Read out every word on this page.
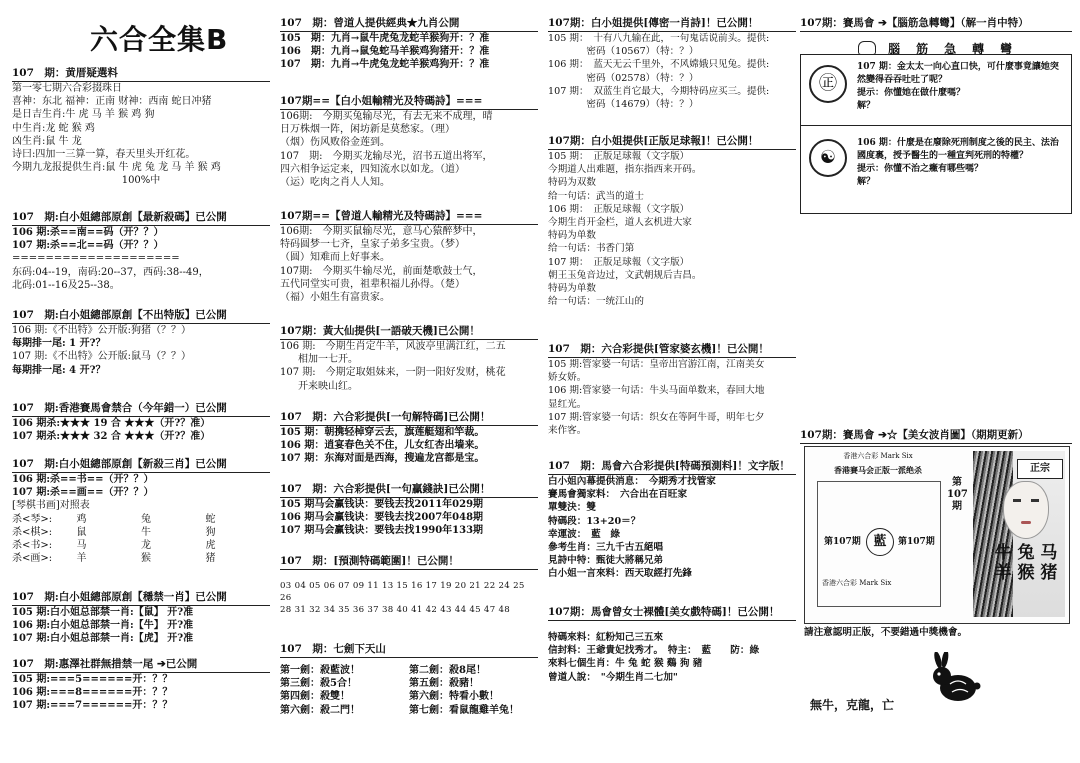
六合全集B
107　期：黄厝疑選料
第一零七期六合彩掇珠日
喜神：东北 福神：正南 财神：西南 蛇日冲猪
是日吉生肖:牛 虎 马 羊 猴 鸡 狗
中生肖:龙 蛇 猴 鸡
凶生肖:鼠 牛 龙
诗曰:四加一三算一算，春天里头开红花。
今期九龙报提供生肖:鼠 牛 虎 兔 龙 马 羊 猴 鸡
100%中
107　期:白小姐總部原創【最新殺碼】已公開
106 期:杀==南==码（开？？）
107 期:杀==北==码（开？？）
====================
东码:04--19，南码:20--37，西码:38--49，
北码:01--16及25--38。
107　期:白小姐總部原創【不出特版】已公開
106 期:《不出特》公开版:狗猪（？？）
每期排一尾: 1 开?？
107 期:《不出特》公开版:鼠马（？？）
每期排一尾: 4 开?？
107　期:香港賽馬會禁合（今年錯一）已公開
106 期杀:★★★ 19 合 ★★★（开?？准）
107 期杀:★★★ 32 合 ★★★（开?？准）
107　期:白小姐總部原創【新殺三肖】已公開
106 期:杀==书==（开？？）
107 期:杀==画==（开？？）
[琴棋书画]对照表
杀<琴>:	鸡	兔	蛇
杀<棋>:	鼠	牛	狗
杀<书>:	马	龙	虎
杀<画>:	羊	猴	猪
107　期:白小姐總部原創【穩禁一肖】已公開
105 期:白小姐总部禁一肖:【鼠】 开?准
106 期:白小姐总部禁一肖:【牛】 开?准
107 期:白小姐总部禁一肖:【虎】 开?准
107　期:惠澤社群無措禁一尾 ➔已公開
105 期:===5======开：？？
106 期:===8======开：？？
107 期:===7======开：？？
107　期：曾道人提供經典★九肖公開
105　期：九肖→鼠牛虎兔龙蛇羊猴狗开：？准
106　期：九肖→鼠兔蛇马羊猴鸡狗猪开：？准
107　期：九肖→牛虎兔龙蛇羊猴鸡狗开：？准
107期==【白小姐輸精光及特碼詩】===
106期:　今期买兔输尽光，有去无来不成理，晴
日万株烟一阵，闲坊新是莫愁家。（理）
（烟）伤风败俗金莲到。
107　期:　今期买龙输尽光，沼书五道出将军，
四六相争运定来，四知流水以如龙。（道）
（运）吃肉之肖人人知。
107期==【曾道人輸精光及特碼詩】===
106期:　今期买鼠输尽光，意马心猿醉梦中，
特码圆梦一七齐，皇家子弟多宝贵。（梦）
（圆）知难而上好事来。
107期:　今期买牛输尽光，前面楚歌鼓士气，
五代同堂实可贵，祖辈积福儿孙得。（楚）
（福）小姐生有富贵家。
107期：黃大仙提供[一語破天機]已公開！
106 期:　今期生肖定牛羊，风波亭里满江红，二五
相加一七开。
107 期:　今期定取姐妹来，一阴一阳好发财，桃花
开来映山红。
107　期：六合彩提供[一句解特碼]已公開！
105 期：朝携轻棹穿云去，旗莲艇翅和竿裁。
106 期：逍宴春色关不住，儿女红杏出墙来。
107 期：东海对面是西海，搜遍龙宫都是宝。
107　期：六合彩提供[一句贏錢訣]已公開！
105 期马会赢钱诀：要钱去找2011年029期
106 期马会赢钱诀：要钱去找2007年048期
107 期马会赢钱诀：要钱去找1990年133期
107　期：[預測特碼範圍]！已公開！
03 04 05 06 07 09 11 13 15 16 17 19 20 21 22 24 25 26
28 31 32 34 35 36 37 38 40 41 42 43 44 45 47 48
107　期：七劍下天山
第一劍：殺藍波！	第二劍：殺8尾！
第三劍：殺5合！	第五劍：殺豬！
第四劍：殺雙！	第六劍：特看小數！
第六劍：殺二門！	第七劍：看鼠龍雞羊兔！
107期：白小姐提供[傳密一肖詩]！已公開！
105 期：　十有八九输在此，一句鬼话说前头。提供:
　　　　密码（10567）（特：？）
106 期：　蓝天无云千里外，不风嫦娥只见兔。提供:
　　　　密码（02578）（特：？）
107 期：　双蓝生肖它最大，今期特码应买三。提供:
　　　　密码（14679）（特：？）
107期：白小姐提供[正版足球報]！已公開！
105 期：　正版足球報（文字版）
今期道人出难题，指东指西来开码。
特码为双数
给一句话：武当的道士
106 期：　正版足球報（文字版）
今期生肖开金栏，道人玄机进大家
特码为单数
给一句话：书香门第
107 期：　正版足球報（文字版）
朝王玉兔音边过，文武朝规后吉昌。
特码为单数
给一句话：一统江山的
107　期：六合彩提供[管家婆玄機]！已公開！
105 期:管家婆一句话：皇帝出宫游江南，江南美女
娇女娇。
106 期:管家婆一句话：牛头马面单数来，春回大地
显红光。
107 期:管家婆一句话：织女在等阿牛哥，明年七夕
来作客。
107　期：馬會六合彩提供[特碼預測料]！文字版！
白小姐內幕提供消息：　今期秀才找管家
賽馬會獨家料：　六合出在百旺家
單雙決：雙
特碼段：13+20＝？
幸運波：　藍　綠
參考生肖：三九千古五絕唱
見詩中特：甄徒大將稱兄弟
白小姐一言來料：西天取經打先鋒
107期：馬會曾女士裸體[美女戲特碼]！已公開！
特碼來料：紅粉知己三五來
信封料：王爺貴妃找秀才。　特主：　藍　　防：綠
來料七個生肖：牛 兔 蛇 猴 鷄 狗 豬
曾道人說：　"今期生肖二七加"
107期：賽馬會 ➔【腦筋急轉彎】（解一肖中特）
腦　筋　急　轉　彎
㊣
107 期：金太太一向心直口快，可什麼事竟讓她突
然變得吞吞吐吐了呢？
提示：你懂她在做什麼嗎？
解？
☯
106 期：什麼是在廢除死刑制度之後的民主、法治
國度裏，授予醫生的一種宣判死刑的特權？
提示：你懂不治之癥有哪些嗎？
解？
107期：賽馬會 ➔☆【美女波肖圖】（期期更新）
香港六合彩 Mark Six
香港賽马会正版一派绝杀
第107期 藍	第107期
香港六合彩 Mark Six
第
107
期
正宗
牛 兔 马 羊 猴 猪
請注意認明正版，不要錯過中獎機會。
無牛，克龍，亡
